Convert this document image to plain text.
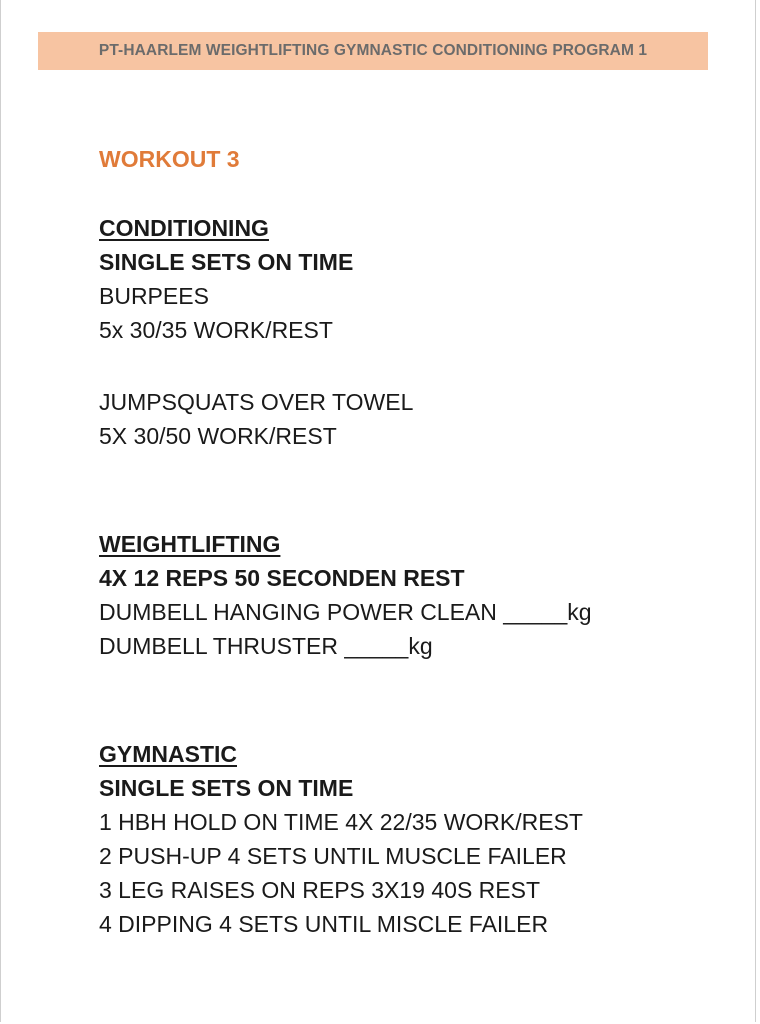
PT-HAARLEM WEIGHTLIFTING GYMNASTIC CONDITIONING PROGRAM 1

WORKOUT 3

CONDITIONING

SINGLE SETS ON TIME

BURPEES

5x 30/35 WORK/REST

JUMPSQUATS OVER TOWEL

5X 30/50 WORK/REST

WEIGHTLIFTING

4X 12 REPS 50 SECONDEN REST

DUMBELL HANGING POWER CLEAN _____kg

DUMBELL THRUSTER _____kg

GYMNASTIC

SINGLE SETS ON TIME

1 HBH HOLD ON TIME 4X 22/35 WORK/REST

2 PUSH-UP 4 SETS UNTIL MUSCLE FAILER

3 LEG RAISES ON REPS 3X19 40S REST

4 DIPPING 4 SETS UNTIL MISCLE FAILER
